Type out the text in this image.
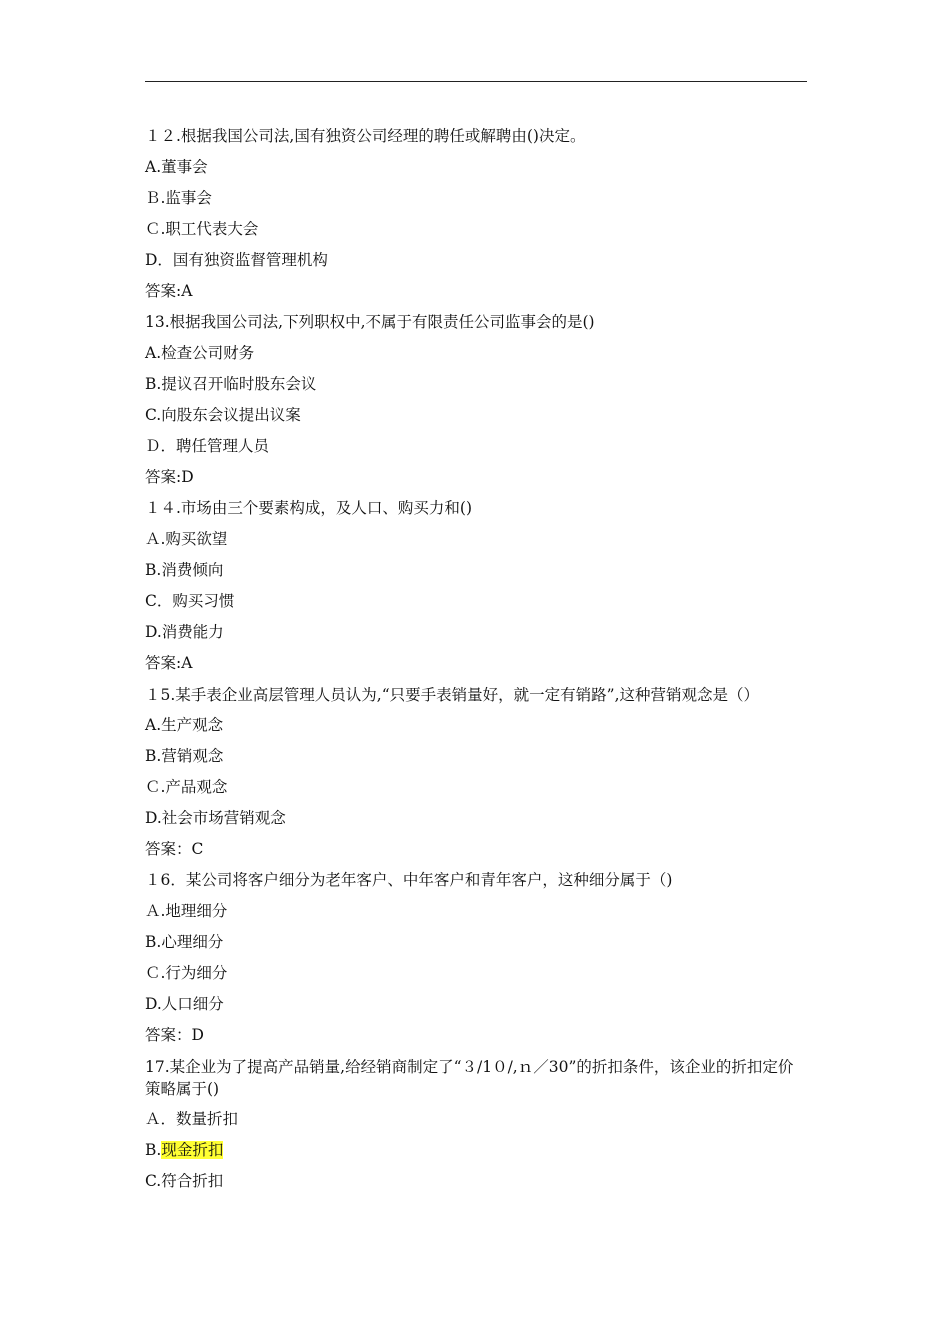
１２.根据我国公司法,国有独资公司经理的聘任或解聘由()决定。
A.董事会
Ｂ.监事会
Ｃ.职工代表大会
D．国有独资监督管理机构
答案:A
13.根据我国公司法,下列职权中,不属于有限责任公司监事会的是()
A.检查公司财务
B.提议召开临时股东会议
C.向股东会议提出议案
Ｄ．聘任管理人员
答案:D
１４.市场由三个要素构成，及人口、购买力和()
Ａ.购买欲望
B.消费倾向
C．购买习惯
D.消费能力
答案:A
１5.某手表企业高层管理人员认为,“只要手表销量好，就一定有销路”,这种营销观念是（）
A.生产观念
B.营销观念
Ｃ.产品观念
D.社会市场营销观念
答案：C
１6．某公司将客户细分为老年客户、中年客户和青年客户，这种细分属于（)
Ａ.地理细分
B.心理细分
Ｃ.行为细分
D.人口细分
答案：D
17.某企业为了提高产品销量,给经销商制定了“３/1０/,ｎ／30”的折扣条件，该企业的折扣定价策略属于()
Ａ．数量折扣
B.现金折扣
C.符合折扣
